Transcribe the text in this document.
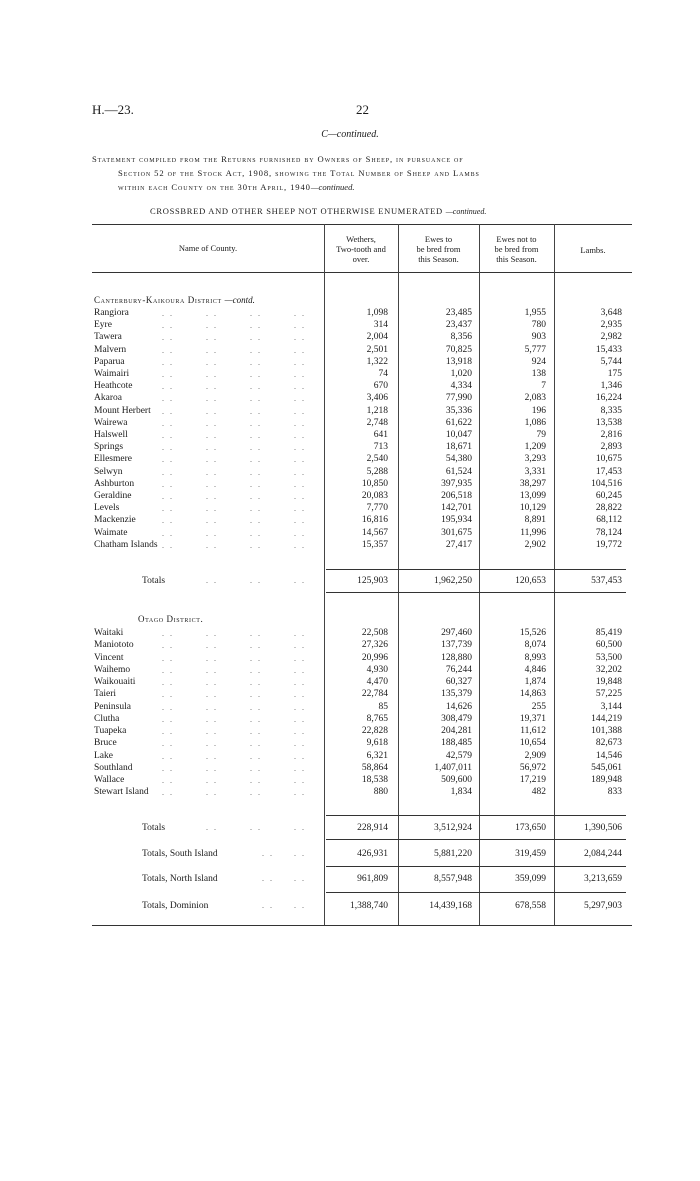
H.—23.	22
C—continued.
Statement compiled from the Returns furnished by Owners of Sheep, in pursuance of
Section 52 of the Stock Act, 1908, showing the Total Number of Sheep and Lambs
within each County on the 30th April, 1940—continued.
CROSSBRED AND OTHER SHEEP NOT OTHERWISE ENUMERATED —continued.
Name of County.
Wethers,
Two-tooth and
over.
Ewes to
be bred from
this Season.
Ewes not to
be bred from
this Season.
Lambs.
Canterbury-Kaikoura District —contd.
Rangiora	. .        . .        . .        . .	1,098	23,485	1,955	3,648
Eyre	. .        . .        . .        . .	314	23,437	780	2,935
Tawera	. .        . .        . .        . .	2,004	8,356	903	2,982
Malvern	. .        . .        . .        . .	2,501	70,825	5,777	15,433
Paparua	. .        . .        . .        . .	1,322	13,918	924	5,744
Waimairi	. .        . .        . .        . .	74	1,020	138	175
Heathcote	. .        . .        . .        . .	670	4,334	7	1,346
Akaroa	. .        . .        . .        . .	3,406	77,990	2,083	16,224
Mount Herbert . .        . .        . .        . .	1,218	35,336	196	8,335
Wairewa	. .        . .        . .        . .	2,748	61,622	1,086	13,538
Halswell	. .        . .        . .        . .	641	10,047	79	2,816
Springs	. .        . .        . .        . .	713	18,671	1,209	2,893
Ellesmere	. .        . .        . .        . .	2,540	54,380	3,293	10,675
Selwyn	. .        . .        . .        . .	5,288	61,524	3,331	17,453
Ashburton	. .        . .        . .        . .	10,850	397,935	38,297	104,516
Geraldine	. .        . .        . .        . .	20,083	206,518	13,099	60,245
Levels	. .        . .        . .        . .	7,770	142,701	10,129	28,822
Mackenzie	. .        . .        . .        . .	16,816	195,934	8,891	68,112
Waimate	. .        . .        . .        . .	14,567	301,675	11,996	78,124
Chatham Islands . .        . .        . .        . .	15,357	27,417	2,902	19,772
Totals	. .        . .        . .	125,903	1,962,250	120,653	537,453
Otago District.
Waitaki	. .        . .        . .        . .	22,508	297,460	15,526	85,419
Maniototo	. .        . .        . .        . .	27,326	137,739	8,074	60,500
Vincent	. .        . .        . .        . .	20,996	128,880	8,993	53,500
Waihemo	. .        . .        . .        . .	4,930	76,244	4,846	32,202
Waikouaiti	. .        . .        . .        . .	4,470	60,327	1,874	19,848
Taieri	. .        . .        . .        . .	22,784	135,379	14,863	57,225
Peninsula	. .        . .        . .        . .	85	14,626	255	3,144
Clutha	. .        . .        . .        . .	8,765	308,479	19,371	144,219
Tuapeka	. .        . .        . .        . .	22,828	204,281	11,612	101,388
Bruce	. .        . .        . .        . .	9,618	188,485	10,654	82,673
Lake	. .        . .        . .        . .	6,321	42,579	2,909	14,546
Southland	. .        . .        . .        . .	58,864	1,407,011	56,972	545,061
Wallace	. .        . .        . .        . .	18,538	509,600	17,219	189,948
Stewart Island . .        . .        . .        . .	880	1,834	482	833
Totals	. .        . .        . .	228,914	3,512,924	173,650	1,390,506
Totals, South Island	. .     . .	426,931	5,881,220	319,459	2,084,244
Totals, North Island	. .     . .	961,809	8,557,948	359,099	3,213,659
Totals, Dominion	. .     . .	1,388,740	14,439,168	678,558	5,297,903
